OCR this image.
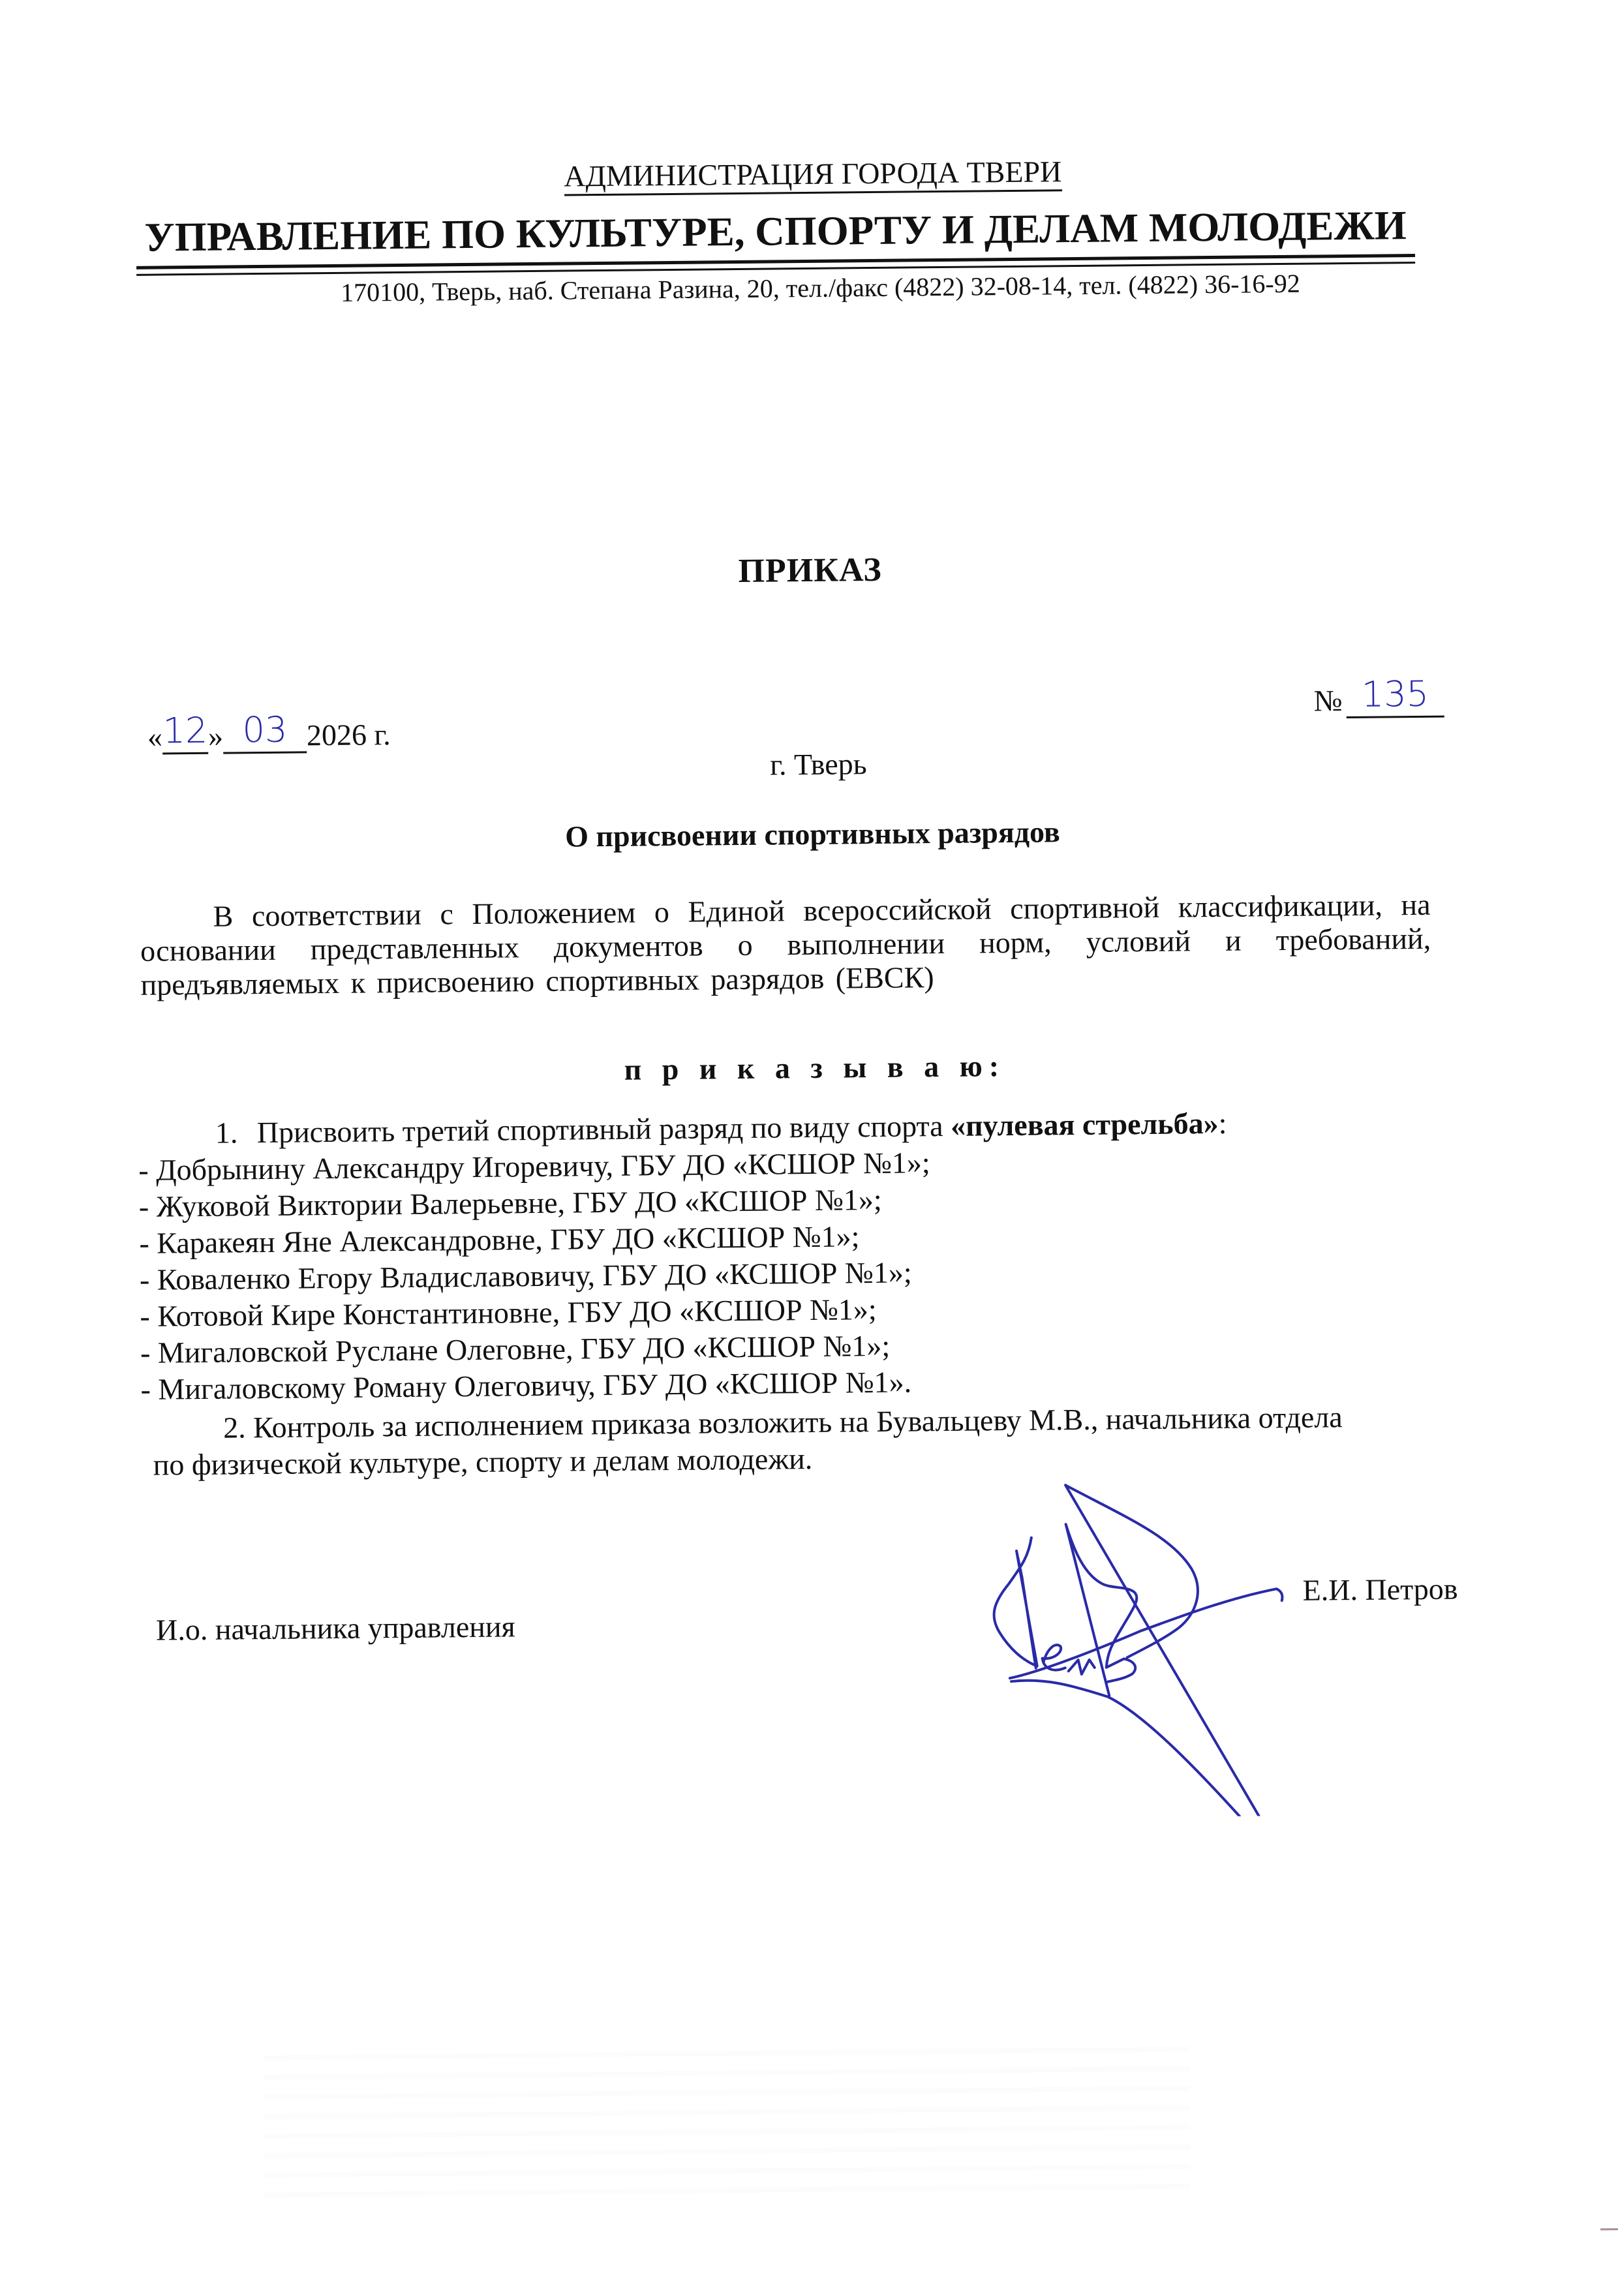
АДМИНИСТРАЦИЯ ГОРОДА ТВЕРИ
УПРАВЛЕНИЕ ПО КУЛЬТУРЕ, СПОРТУ И ДЕЛАМ МОЛОДЕЖИ
170100, Тверь, наб. Степана Разина, 20, тел./факс (4822) 32-08-14, тел. (4822) 36-16-92
ПРИКАЗ
«12» 03 2026 г.
№ 135
г. Тверь
О присвоении спортивных разрядов
В соответствии с Положением о Единой всероссийской спортивной классификации, на основании представленных документов о выполнении норм, условий и требований, предъявляемых к присвоению спортивных разрядов (ЕВСК)
п р и к а з ы в а ю:
1. Присвоить третий спортивный разряд по виду спорта «пулевая стрельба»:
- Добрынину Александру Игоревичу, ГБУ ДО «КСШОР №1»;
- Жуковой Виктории Валерьевне, ГБУ ДО «КСШОР №1»;
- Каракеян Яне Александровне, ГБУ ДО «КСШОР №1»;
- Коваленко Егору Владиславовичу, ГБУ ДО «КСШОР №1»;
- Котовой Кире Константиновне, ГБУ ДО «КСШОР №1»;
- Мигаловской Руслане Олеговне, ГБУ ДО «КСШОР №1»;
- Мигаловскому Роману Олеговичу, ГБУ ДО «КСШОР №1».
2. Контроль за исполнением приказа возложить на Бувальцеву М.В., начальника отдела
по физической культуре, спорту и делам молодежи.
И.о. начальника управления
Е.И. Петров
